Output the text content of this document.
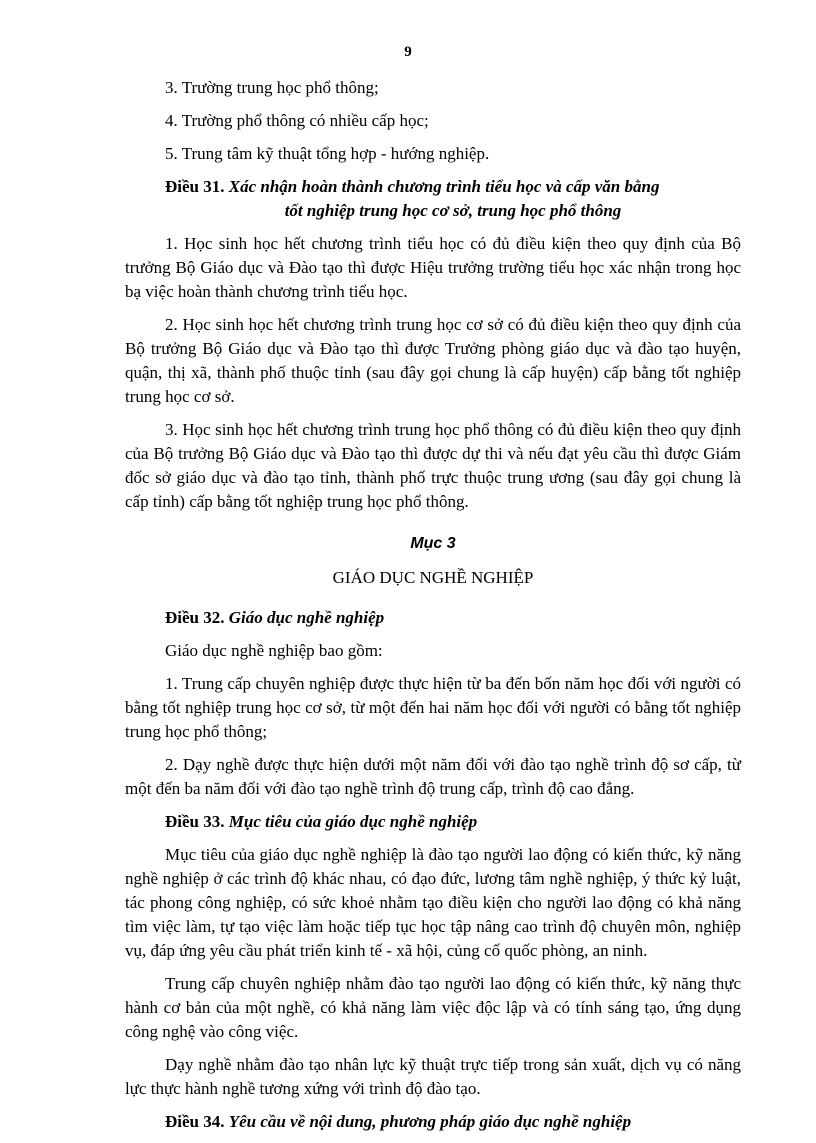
9
3. Trường trung học phổ thông;
4. Trường phổ thông có nhiều cấp học;
5. Trung tâm kỹ thuật tổng hợp - hướng nghiệp.
Điều 31. Xác nhận hoàn thành chương trình tiểu học và cấp văn bằng
tốt nghiệp trung học cơ sở, trung học phổ thông

1. Học sinh học hết chương trình tiểu học có đủ điều kiện theo quy định của Bộ trưởng Bộ Giáo dục và Đào tạo thì được Hiệu trưởng trường tiểu học xác nhận trong học bạ việc hoàn thành chương trình tiểu học.

2. Học sinh học hết chương trình trung học cơ sở có đủ điều kiện theo quy định của Bộ trưởng Bộ Giáo dục và Đào tạo thì được Trưởng phòng giáo dục và đào tạo huyện, quận, thị xã, thành phố thuộc tỉnh (sau đây gọi chung là cấp huyện) cấp bằng tốt nghiệp trung học cơ sở.

3. Học sinh học hết chương trình trung học phổ thông có đủ điều kiện theo quy định của Bộ trưởng Bộ Giáo dục và Đào tạo thì được dự thi và nếu đạt yêu cầu thì được Giám đốc sở giáo dục và đào tạo tỉnh, thành phố trực thuộc trung ương (sau đây gọi chung là cấp tỉnh) cấp bằng tốt nghiệp trung học phổ thông.

Mục 3
GIÁO DỤC NGHỀ NGHIỆP
Điều 32. Giáo dục nghề nghiệp

Giáo dục nghề nghiệp bao gồm:

1. Trung cấp chuyên nghiệp được thực hiện từ ba đến bốn năm học đối với người có bằng tốt nghiệp trung học cơ sở, từ một đến hai năm học đối với người có bằng tốt nghiệp trung học phổ thông;

2. Dạy nghề được thực hiện dưới một năm đối với đào tạo nghề trình độ sơ cấp, từ một đến ba năm đối với đào tạo nghề trình độ trung cấp, trình độ cao đẳng.

Điều 33. Mục tiêu của giáo dục nghề nghiệp

Mục tiêu của giáo dục nghề nghiệp là đào tạo người lao động có kiến thức, kỹ năng nghề nghiệp ở các trình độ khác nhau, có đạo đức, lương tâm nghề nghiệp, ý thức kỷ luật, tác phong công nghiệp, có sức khoẻ nhằm tạo điều kiện cho người lao động có khả năng tìm việc làm, tự tạo việc làm hoặc tiếp tục học tập nâng cao trình độ chuyên môn, nghiệp vụ, đáp ứng yêu cầu phát triển kinh tế - xã hội, củng cố quốc phòng, an ninh.

Trung cấp chuyên nghiệp nhằm đào tạo người lao động có kiến thức, kỹ năng thực hành cơ bản của một nghề, có khả năng làm việc độc lập và có tính sáng tạo, ứng dụng công nghệ vào công việc.

Dạy nghề nhằm đào tạo nhân lực kỹ thuật trực tiếp trong sản xuất, dịch vụ có năng lực thực hành nghề tương xứng với trình độ đào tạo.

Điều 34. Yêu cầu về nội dung, phương pháp giáo dục nghề nghiệp
